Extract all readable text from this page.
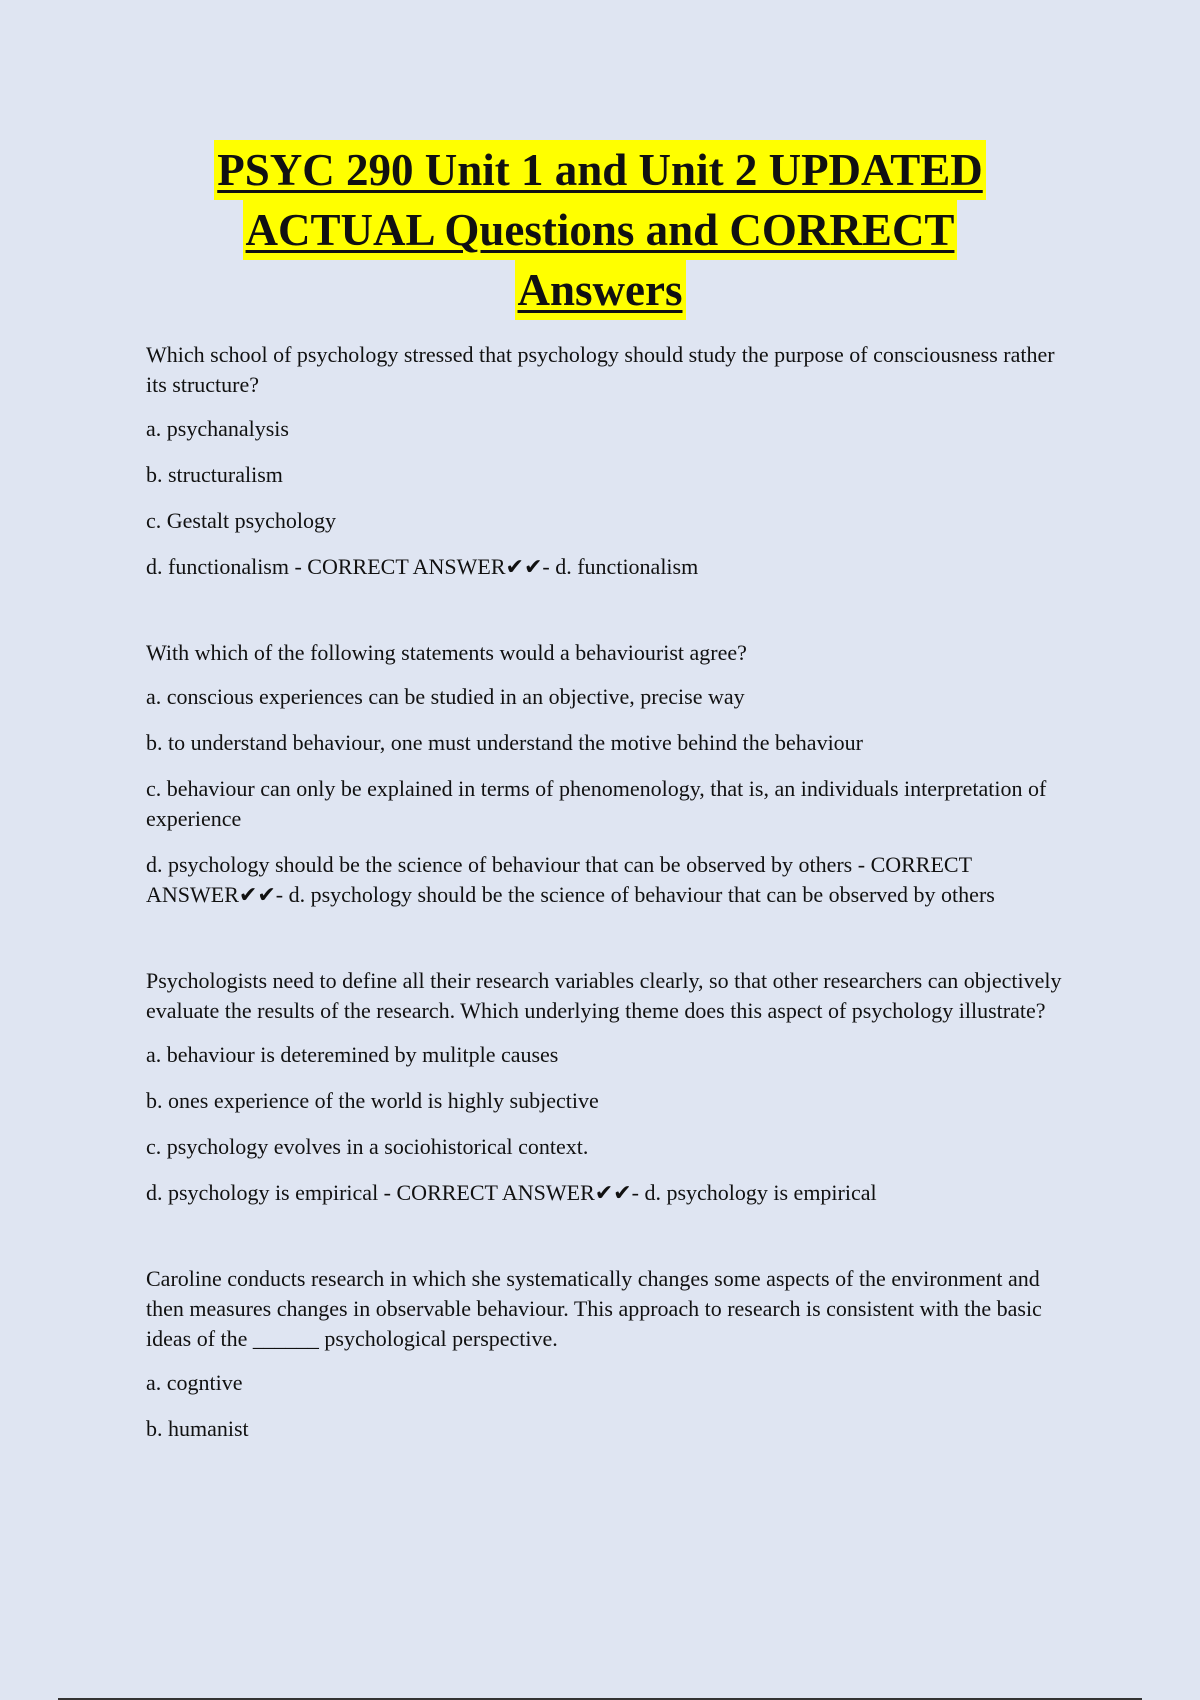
PSYC 290 Unit 1 and Unit 2 UPDATED
ACTUAL Questions and CORRECT
Answers
Which school of psychology stressed that psychology should study the purpose of consciousness rather its structure?
a. psychanalysis
b. structuralism
c. Gestalt psychology
d. functionalism - CORRECT ANSWER✔✔- d. functionalism
With which of the following statements would a behaviourist agree?
a. conscious experiences can be studied in an objective, precise way
b. to understand behaviour, one must understand the motive behind the behaviour
c. behaviour can only be explained in terms of phenomenology, that is, an individuals interpretation of experience
d. psychology should be the science of behaviour that can be observed by others - CORRECT ANSWER✔✔- d. psychology should be the science of behaviour that can be observed by others
Psychologists need to define all their research variables clearly, so that other researchers can objectively evaluate the results of the research. Which underlying theme does this aspect of psychology illustrate?
a. behaviour is deteremined by mulitple causes
b. ones experience of the world is highly subjective
c. psychology evolves in a sociohistorical context.
d. psychology is empirical - CORRECT ANSWER✔✔- d. psychology is empirical
Caroline conducts research in which she systematically changes some aspects of the environment and then measures changes in observable behaviour. This approach to research is consistent with the basic ideas of the ______ psychological perspective.
a. cogntive
b. humanist
